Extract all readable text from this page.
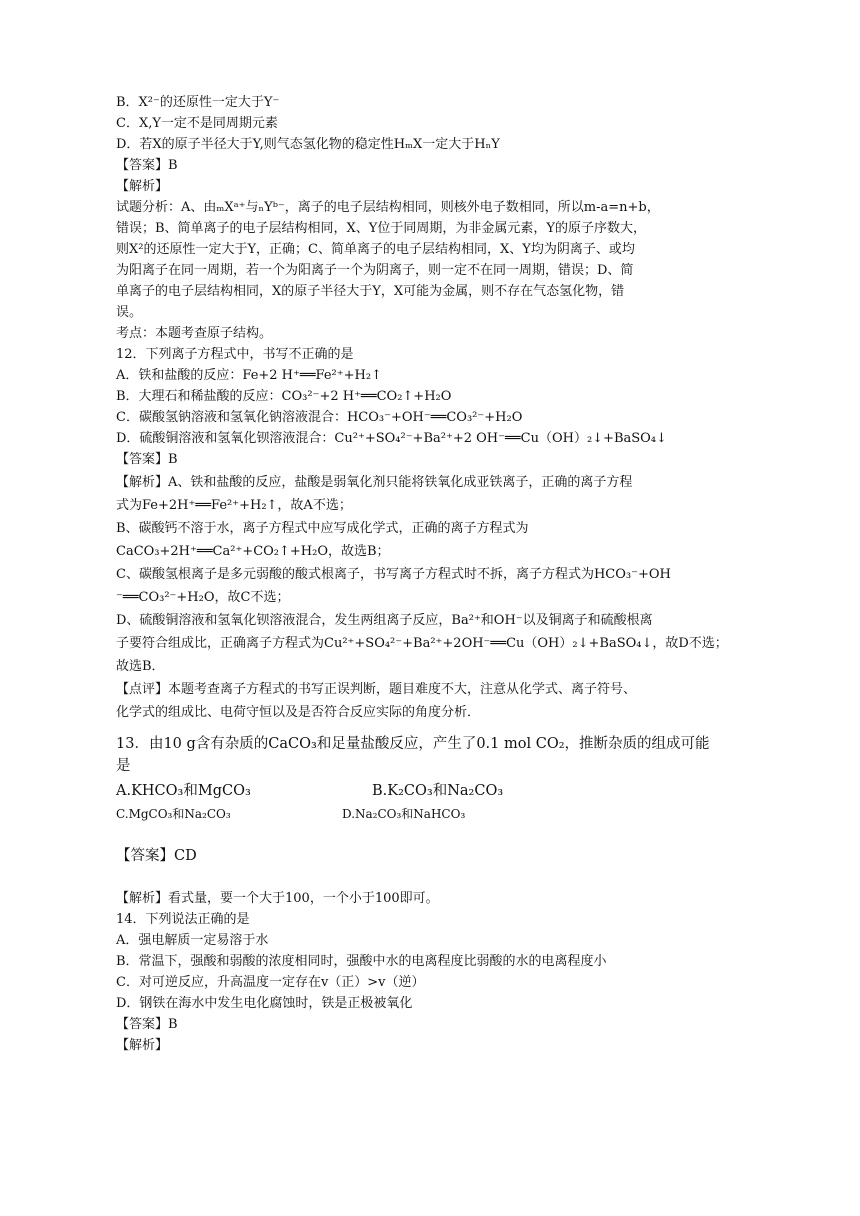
B．X²⁻的还原性一定大于Y⁻
C．X,Y一定不是同周期元素
D．若X的原子半径大于Y,则气态氢化物的稳定性HₘX一定大于HₙY
【答案】B
【解析】
试题分析：A、由ₘXᵃ⁺与ₙYᵇ⁻，离子的电子层结构相同，则核外电子数相同，所以m-a=n+b，
错误；B、简单离子的电子层结构相同，X、Y位于同周期，为非金属元素，Y的原子序数大，
则X²的还原性一定大于Y，正确；C、简单离子的电子层结构相同，X、Y均为阴离子、或均
为阳离子在同一周期，若一个为阳离子一个为阴离子，则一定不在同一周期，错误；D、简
单离子的电子层结构相同，X的原子半径大于Y，X可能为金属，则不存在气态氢化物，错
误。
考点：本题考查原子结构。
12．下列离子方程式中，书写不正确的是
A．铁和盐酸的反应：Fe+2 H⁺══Fe²⁺+H₂↑
B．大理石和稀盐酸的反应：CO₃²⁻+2 H⁺══CO₂↑+H₂O
C．碳酸氢钠溶液和氢氧化钠溶液混合：HCO₃⁻+OH⁻══CO₃²⁻+H₂O
D．硫酸铜溶液和氢氧化钡溶液混合：Cu²⁺+SO₄²⁻+Ba²⁺+2 OH⁻══Cu（OH）₂↓+BaSO₄↓
【答案】B
【解析】A、铁和盐酸的反应，盐酸是弱氧化剂只能将铁氧化成亚铁离子，正确的离子方程
式为Fe+2H⁺══Fe²⁺+H₂↑，故A不选；
B、碳酸钙不溶于水，离子方程式中应写成化学式，正确的离子方程式为
CaCO₃+2H⁺══Ca²⁺+CO₂↑+H₂O，故选B；
C、碳酸氢根离子是多元弱酸的酸式根离子，书写离子方程式时不拆，离子方程式为HCO₃⁻+OH
⁻══CO₃²⁻+H₂O，故C不选；
D、硫酸铜溶液和氢氧化钡溶液混合，发生两组离子反应，Ba²⁺和OH⁻以及铜离子和硫酸根离
子要符合组成比，正确离子方程式为Cu²⁺+SO₄²⁻+Ba²⁺+2OH⁻══Cu（OH）₂↓+BaSO₄↓，故D不选；
故选B．
【点评】本题考查离子方程式的书写正误判断，题目难度不大，注意从化学式、离子符号、
化学式的组成比、电荷守恒以及是否符合反应实际的角度分析．
13．由10 g含有杂质的CaCO₃和足量盐酸反应，产生了0.1 mol CO₂，推断杂质的组成可能
是
A.KHCO₃和MgCO₃	B.K₂CO₃和Na₂CO₃
C.MgCO₃和Na₂CO₃	D.Na₂CO₃和NaHCO₃
【答案】CD
【解析】看式量，要一个大于100，一个小于100即可。
14．下列说法正确的是
A．强电解质一定易溶于水
B．常温下，强酸和弱酸的浓度相同时，强酸中水的电离程度比弱酸的水的电离程度小
C．对可逆反应，升高温度一定存在v（正）>v（逆）
D．钢铁在海水中发生电化腐蚀时，铁是正极被氧化
【答案】B
【解析】
